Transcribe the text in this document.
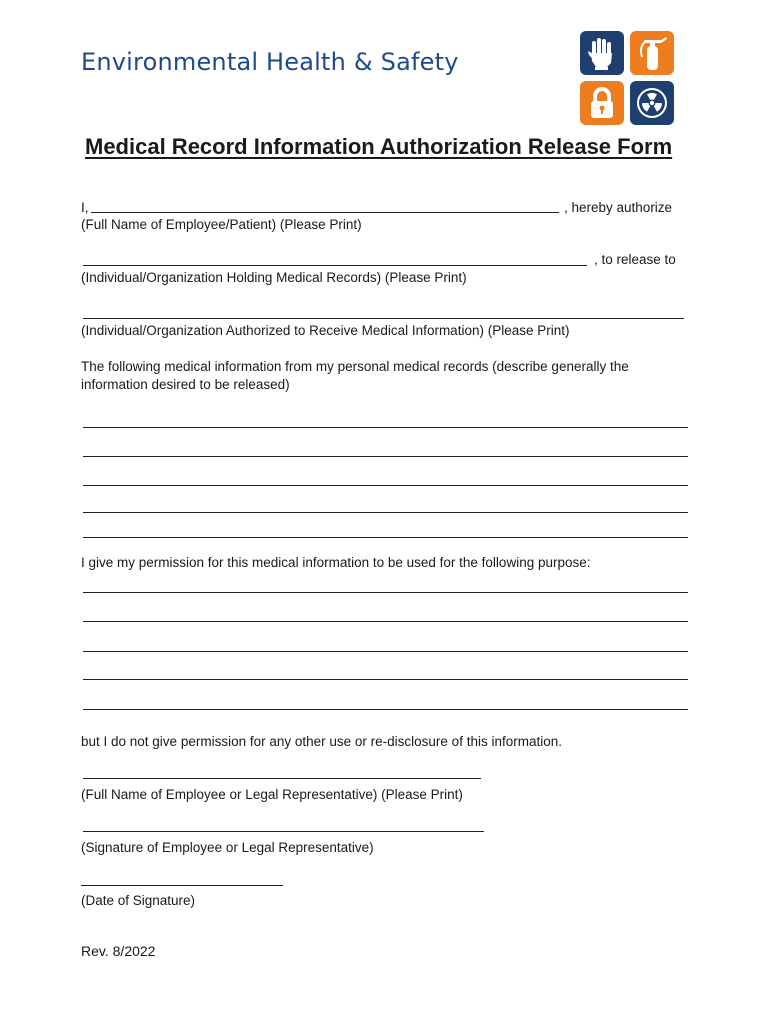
Environmental Health & Safety
Medical Record Information Authorization Release Form
I,	, hereby authorize
(Full Name of Employee/Patient) (Please Print)
, to release to
(Individual/Organization Holding Medical Records) (Please Print)
(Individual/Organization Authorized to Receive Medical Information) (Please Print)
The following medical information from my personal medical records (describe generally the
information desired to be released)
I give my permission for this medical information to be used for the following purpose:
but I do not give permission for any other use or re-disclosure of this information.
(Full Name of Employee or Legal Representative) (Please Print)
(Signature of Employee or Legal Representative)
(Date of Signature)
Rev. 8/2022
